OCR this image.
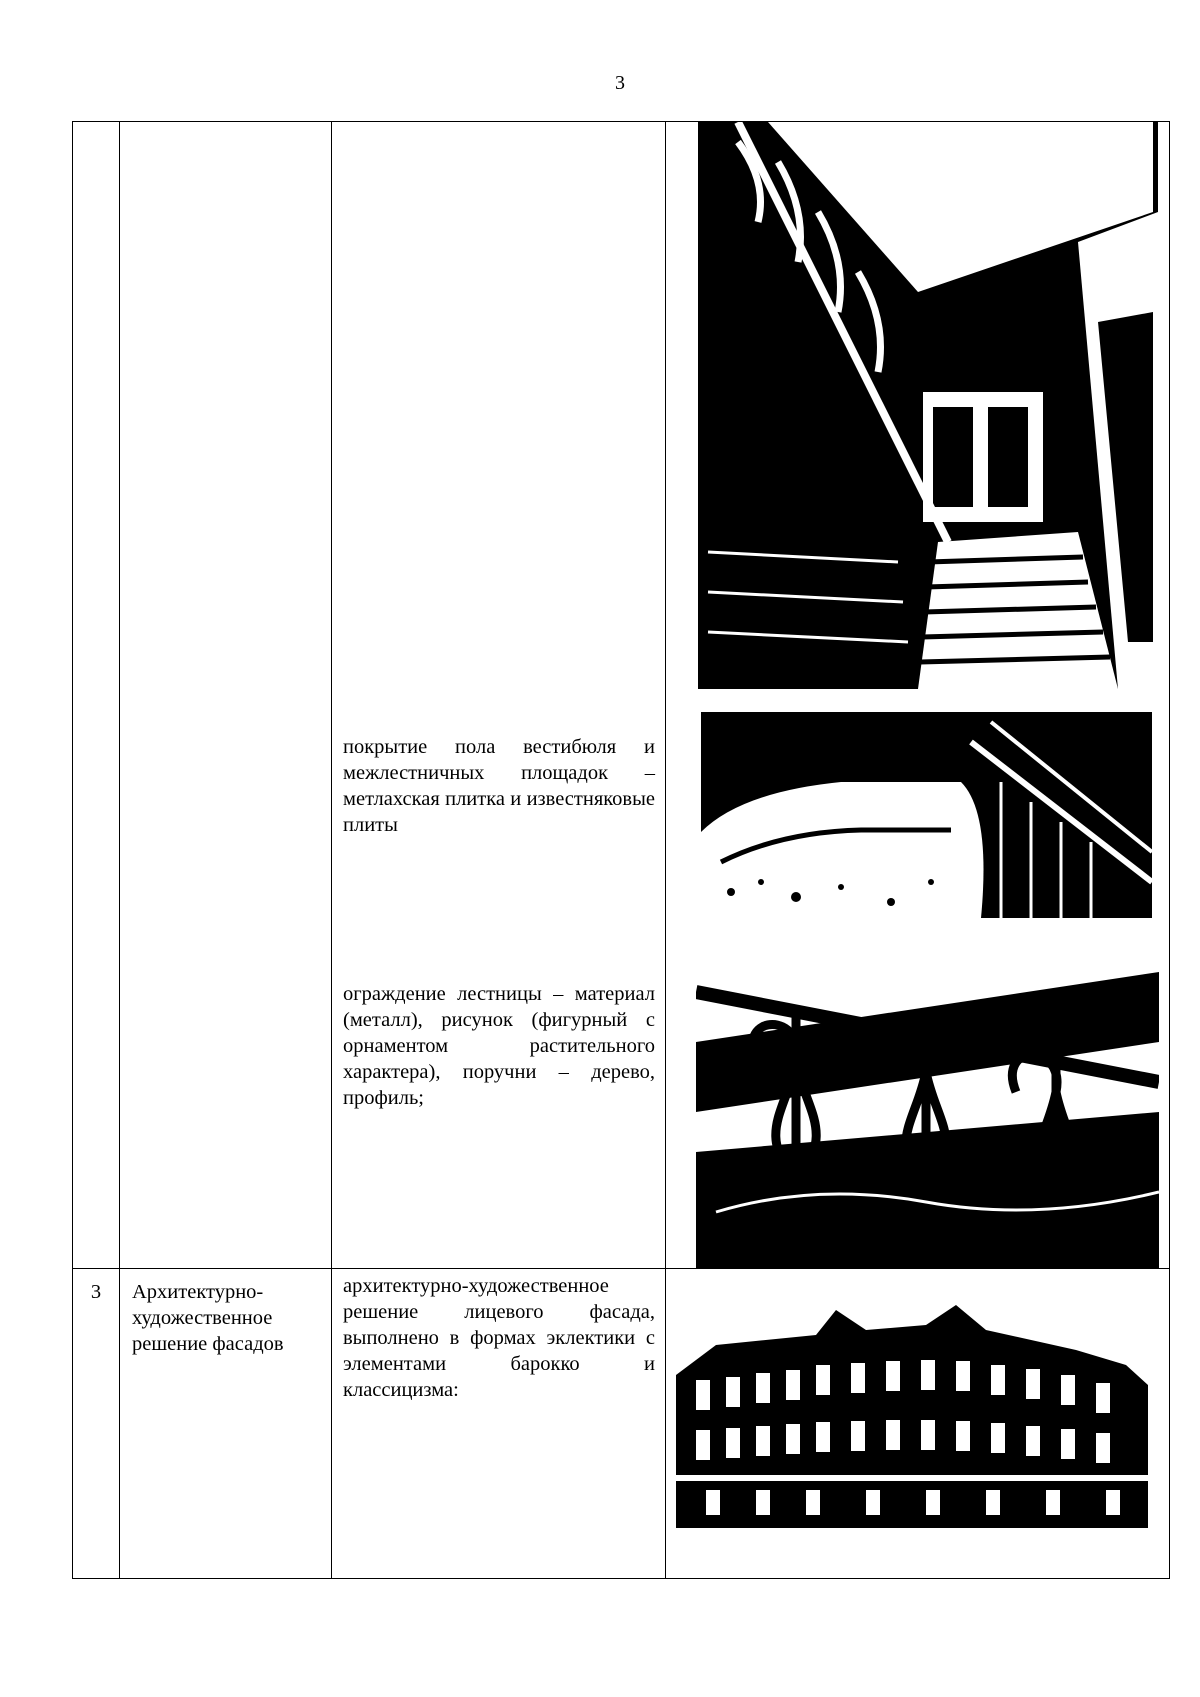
3

		покрытие пола вестибюля и межлестничных площадок – метлахская плитка и известняковые плиты
ограждение лестницы – материал (металл), рисунок (фигурный с орнаментом растительного характера), поручни – дерево, профиль;

3	Архитектурно-художественное решение фасадов	архитектурно-художественное решение лицевого фасада, выполнено в формах эклектики с элементами барокко и классицизма:
